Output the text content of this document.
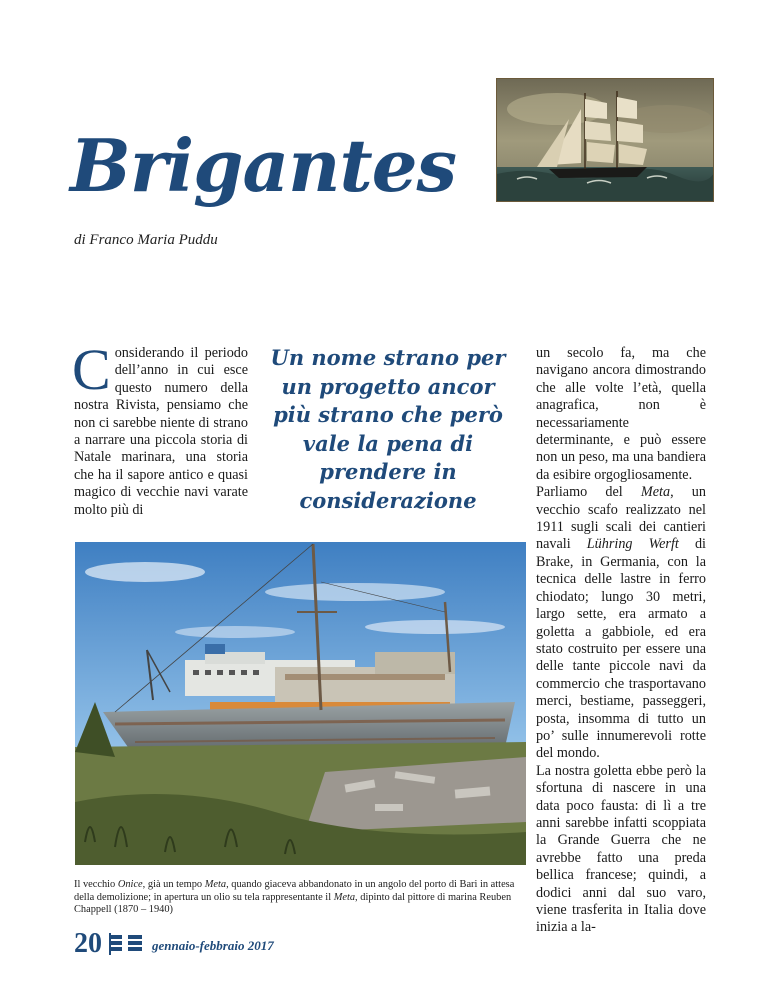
Brigantes
di Franco Maria Puddu
Considerando il periodo dell’anno in cui esce questo numero della nostra Rivista, pensiamo che non ci sarebbe niente di strano a narrare una piccola storia di Natale marinara, una storia che ha il sapore antico e quasi magico di vecchie navi varate molto più di
Un nome strano per un progetto ancor più strano che però vale la pena di prendere in considerazione

un secolo fa, ma che navigano ancora dimostrando che alle volte l’età, quella anagrafica, non è necessariamente determinante, e può essere non un peso, ma una bandiera da esibire orgogliosamente.

Parliamo del Meta, un vecchio scafo realizzato nel 1911 sugli scali dei cantieri navali Lühring Werft di Brake, in Germania, con la tecnica delle lastre in ferro chiodato; lungo 30 metri, largo sette, era armato a goletta a gabbiole, ed era stato costruito per essere una delle tante piccole navi da commercio che trasportavano merci, bestiame, passeggeri, posta, insomma di tutto un po’ sulle innumerevoli rotte del mondo.

La nostra goletta ebbe però la sfortuna di nascere in una data poco fausta: di lì a tre anni sarebbe infatti scoppiata la Grande Guerra che ne avrebbe fatto una preda bellica francese; quindi, a dodici anni dal suo varo, viene trasferita in Italia dove inizia a la-

Il vecchio Onice, già un tempo Meta, quando giaceva abbandonato in un angolo del porto di Bari in attesa della demolizione; in apertura un olio su tela rappresentante il Meta, dipinto dal pittore di marina Reuben Chappell (1870 – 1940)
20	gennaio-febbraio 2017
